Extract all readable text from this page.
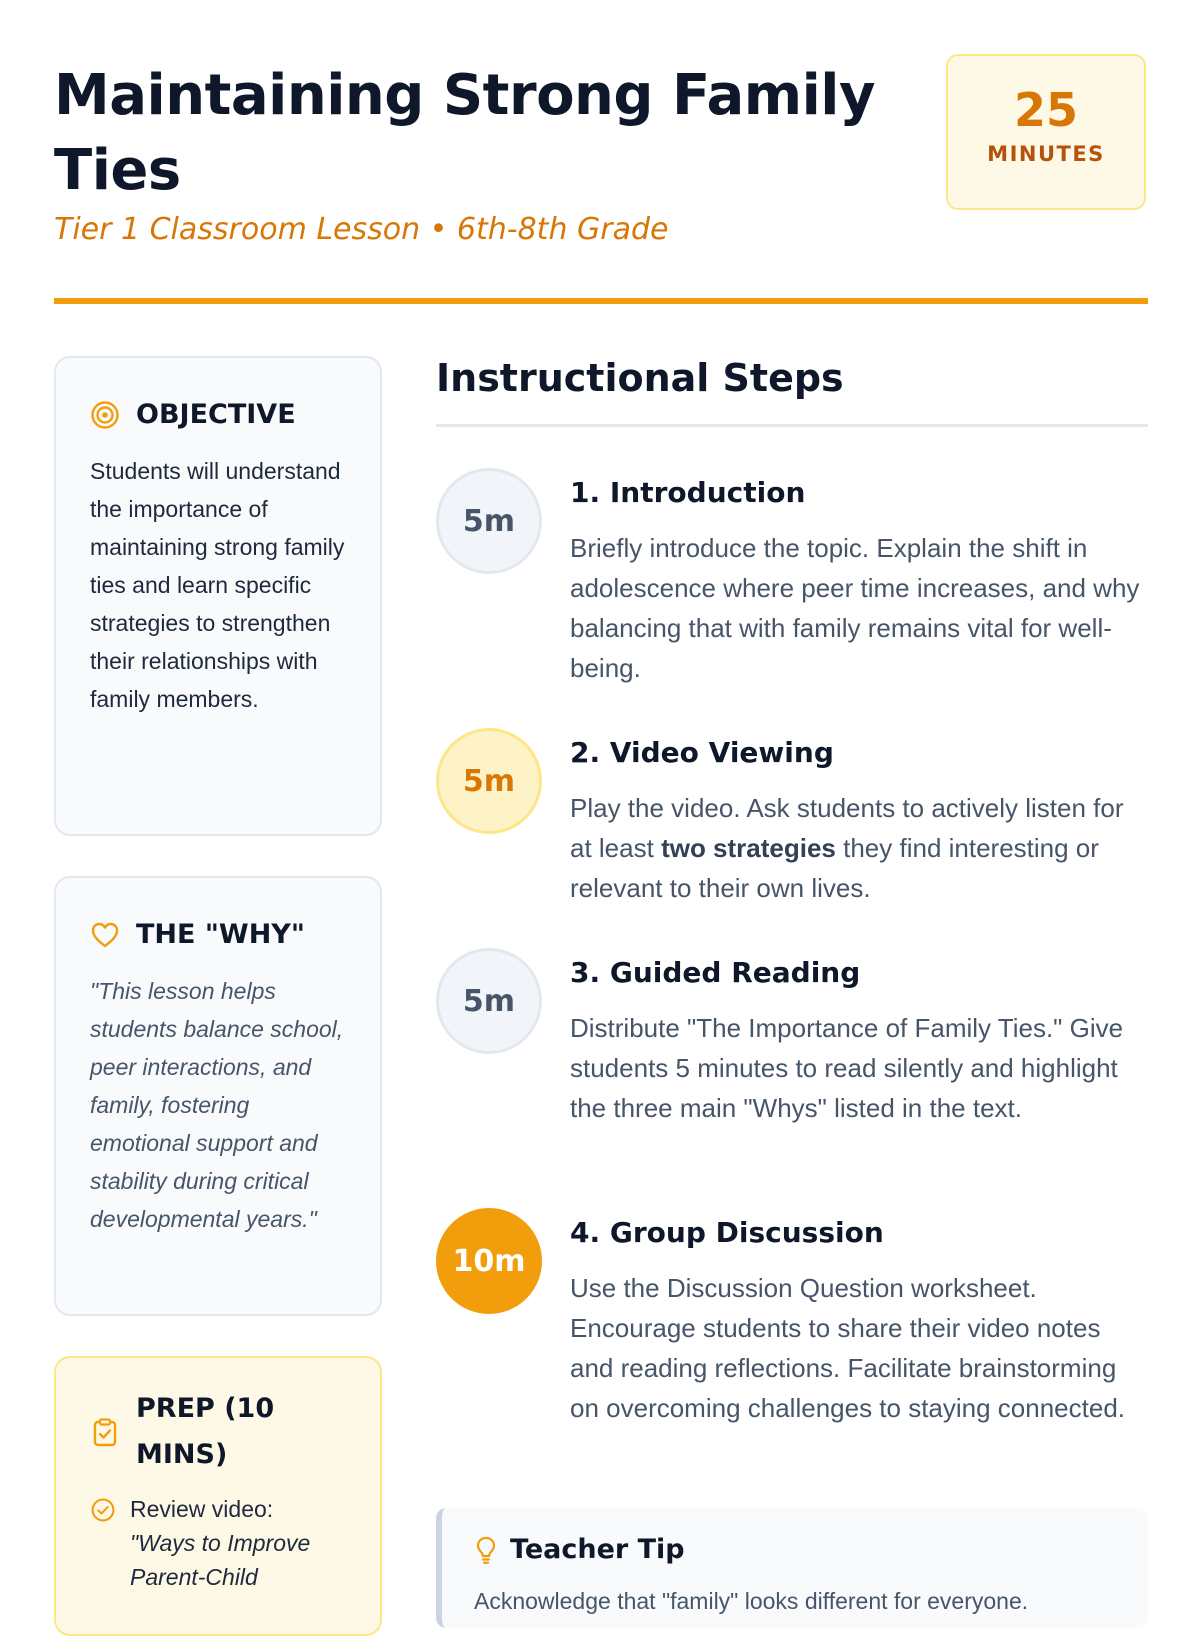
Maintaining Strong Family Ties
Tier 1 Classroom Lesson • 6th-8th Grade
25
MINUTES
OBJECTIVE

Students will understand the importance of maintaining strong family ties and learn specific strategies to strengthen their relationships with family members.

THE "WHY"

"This lesson helps students balance school, peer interactions, and family, fostering emotional support and stability during critical developmental years."

PREP (10 MINS)
Review video:
"Ways to Improve Parent-Child
Instructional Steps
5m
1. Introduction

Briefly introduce the topic. Explain the shift in adolescence where peer time increases, and why balancing that with family remains vital for well-being.

5m
2. Video Viewing

Play the video. Ask students to actively listen for at least two strategies they find interesting or relevant to their own lives.

5m
3. Guided Reading

Distribute "The Importance of Family Ties." Give students 5 minutes to read silently and highlight the three main "Whys" listed in the text.

10m
4. Group Discussion

Use the Discussion Question worksheet. Encourage students to share their video notes and reading reflections. Facilitate brainstorming on overcoming challenges to staying connected.

Teacher Tip

Acknowledge that "family" looks different for everyone.
